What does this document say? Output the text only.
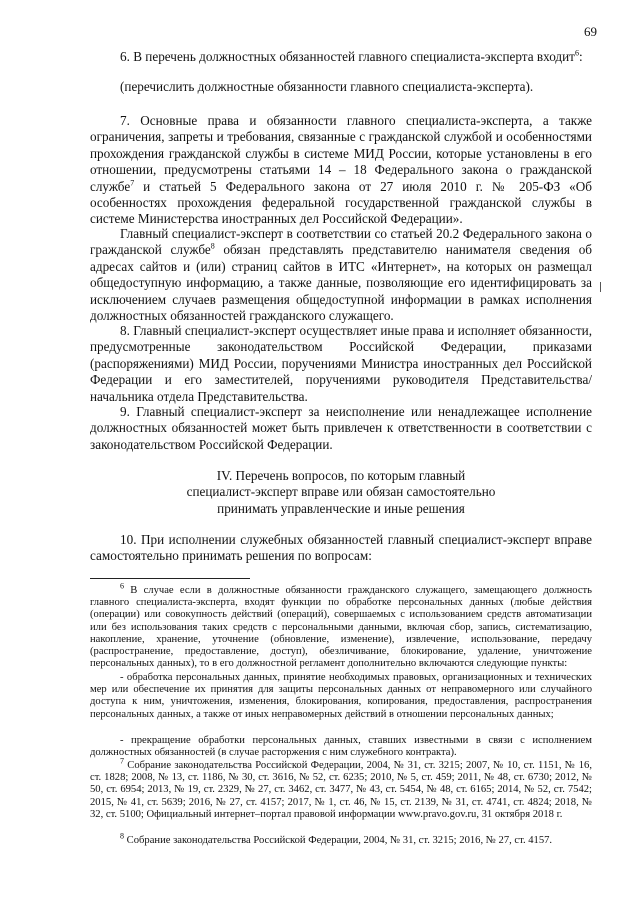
69

6. В перечень должностных обязанностей главного специалиста-эксперта входит$^6$:

(перечислить должностные обязанности главного специалиста-эксперта).

7. Основные права и обязанности главного специалиста-эксперта, а также ограничения, запреты и требования, связанные с гражданской службой и особенностями прохождения гражданской службы в системе МИД России, которые установлены в его отношении, предусмотрены статьями 14 – 18 Федерального закона о гражданской службе$^7$ и статьей 5 Федерального закона от 27 июля 2010 г. № 205-ФЗ «Об особенностях прохождения федеральной государственной гражданской службы в системе Министерства иностранных дел Российской Федерации».

Главный специалист-эксперт в соответствии со статьей 20.2 Федерального закона о гражданской службе$^8$ обязан представлять представителю нанимателя сведения об адресах сайтов и (или) страниц сайтов в ИТС «Интернет», на которых он размещал общедоступную информацию, а также данные, позволяющие его идентифицировать за исключением случаев размещения общедоступной информации в рамках исполнения должностных обязанностей гражданского служащего.

8. Главный специалист-эксперт осуществляет иные права и исполняет обязанности, предусмотренные законодательством Российской Федерации, приказами (распоряжениями) МИД России, поручениями Министра иностранных дел Российской Федерации и его заместителей, поручениями руководителя Представительства/начальника отдела Представительства.

9. Главный специалист-эксперт за неисполнение или ненадлежащее исполнение должностных обязанностей может быть привлечен к ответственности в соответствии с законодательством Российской Федерации.

IV. Перечень вопросов, по которым главный
специалист-эксперт вправе или обязан самостоятельно
принимать управленческие и иные решения

10. При исполнении служебных обязанностей главный специалист-эксперт вправе самостоятельно принимать решения по вопросам:

$^6$ В случае если в должностные обязанности гражданского служащего, замещающего должность главного специалиста-эксперта, входят функции по обработке персональных данных (любые действия (операции) или совокупность действий (операций), совершаемых с использованием средств автоматизации или без использования таких средств с персональными данными, включая сбор, запись, систематизацию, накопление, хранение, уточнение (обновление, изменение), извлечение, использование, передачу (распространение, предоставление, доступ), обезличивание, блокирование, удаление, уничтожение персональных данных), то в его должностной регламент дополнительно включаются следующие пункты:

- обработка персональных данных, принятие необходимых правовых, организационных и технических мер или обеспечение их принятия для защиты персональных данных от неправомерного или случайного доступа к ним, уничтожения, изменения, блокирования, копирования, предоставления, распространения персональных данных, а также от иных неправомерных действий в отношении персональных данных;

- прекращение обработки персональных данных, ставших известными в связи с исполнением должностных обязанностей (в случае расторжения с ним служебного контракта).

$^7$ Собрание законодательства Российской Федерации, 2004, № 31, ст. 3215; 2007, № 10, ст. 1151, № 16, ст. 1828; 2008, № 13, ст. 1186, № 30, ст. 3616, № 52, ст. 6235; 2010, № 5, ст. 459; 2011, № 48, ст. 6730; 2012, № 50, ст. 6954; 2013, № 19, ст. 2329, № 27, ст. 3462, ст. 3477, № 43, ст. 5454, № 48, ст. 6165; 2014, № 52, ст. 7542; 2015, № 41, ст. 5639; 2016, № 27, ст. 4157; 2017, № 1, ст. 46, № 15, ст. 2139, № 31, ст. 4741, ст. 4824; 2018, № 32, ст. 5100; Официальный интернет–портал правовой информации www.pravo.gov.ru, 31 октября 2018 г.

$^8$ Собрание законодательства Российской Федерации, 2004, № 31, ст. 3215; 2016, № 27, ст. 4157.
